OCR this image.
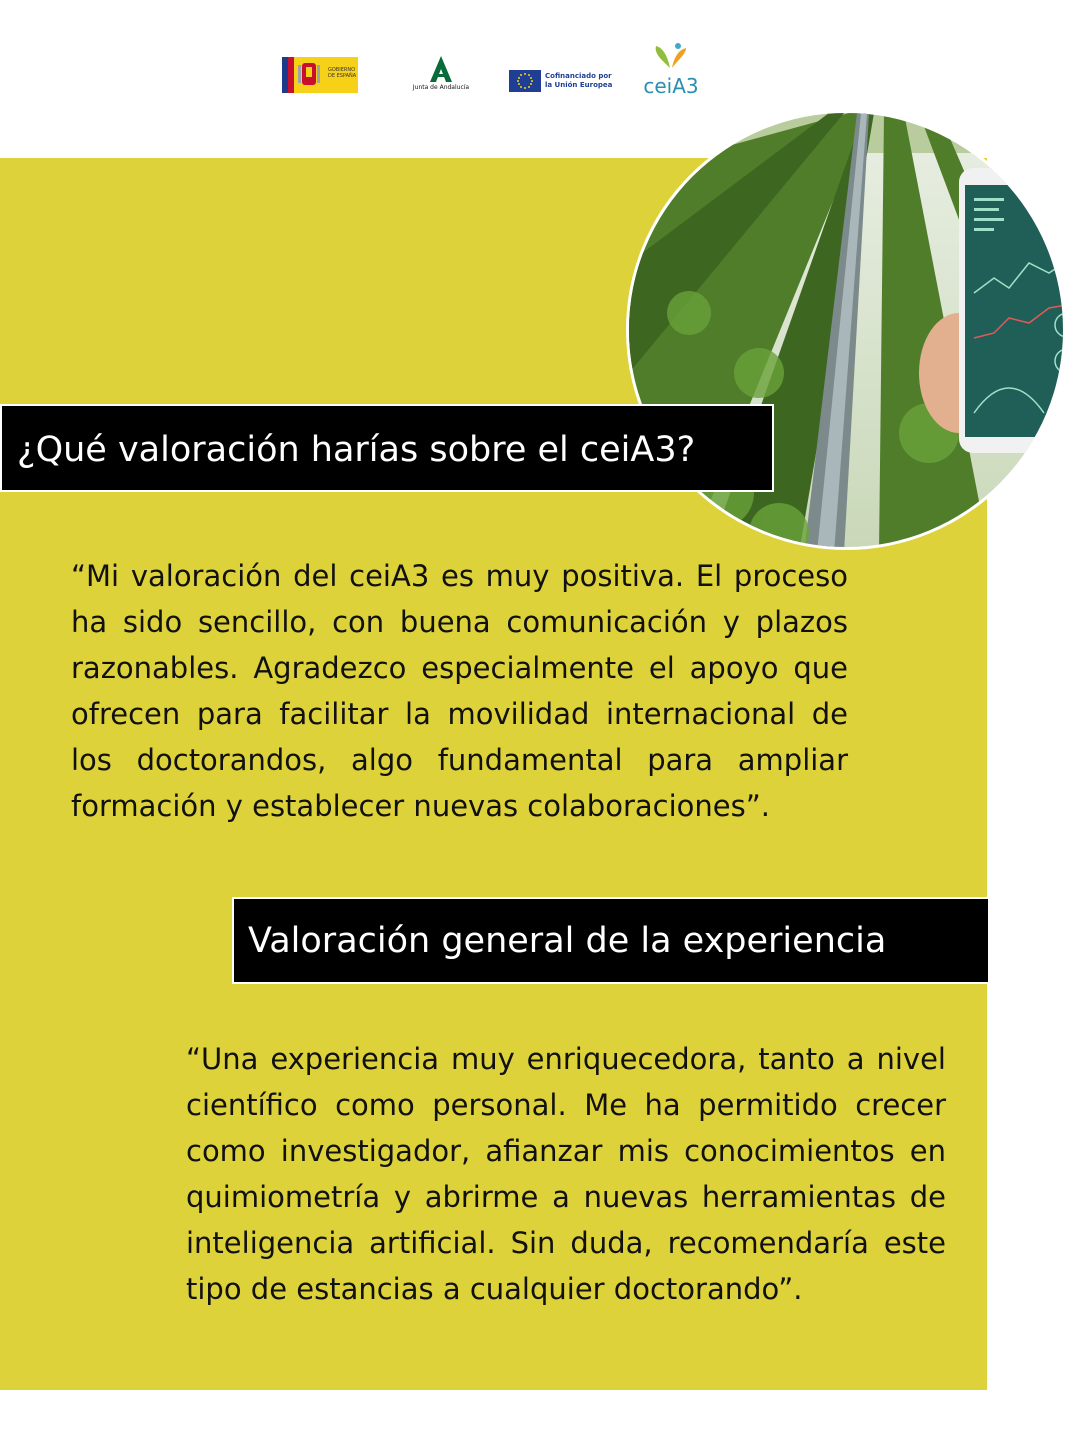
GOBIERNO DE ESPAÑA
Junta de Andalucía
Cofinanciado por
la Unión Europea ceiA3
¿Qué valoración harías sobre el ceiA3?

“Mi valoración del ceiA3 es muy positiva. El proceso ha sido sencillo, con buena comunicación y plazos razonables. Agradezco especialmente el apoyo que ofrecen para facilitar la movilidad internacional de los doctorandos, algo fundamental para ampliar formación y establecer nuevas colaboraciones”.

Valoración general de la experiencia

“Una experiencia muy enriquecedora, tanto a nivel científico como personal. Me ha permitido crecer como investigador, afianzar mis conocimientos en quimiometría y abrirme a nuevas herramientas de inteligencia artificial. Sin duda, recomendaría este tipo de estancias a cualquier doctorando”.
